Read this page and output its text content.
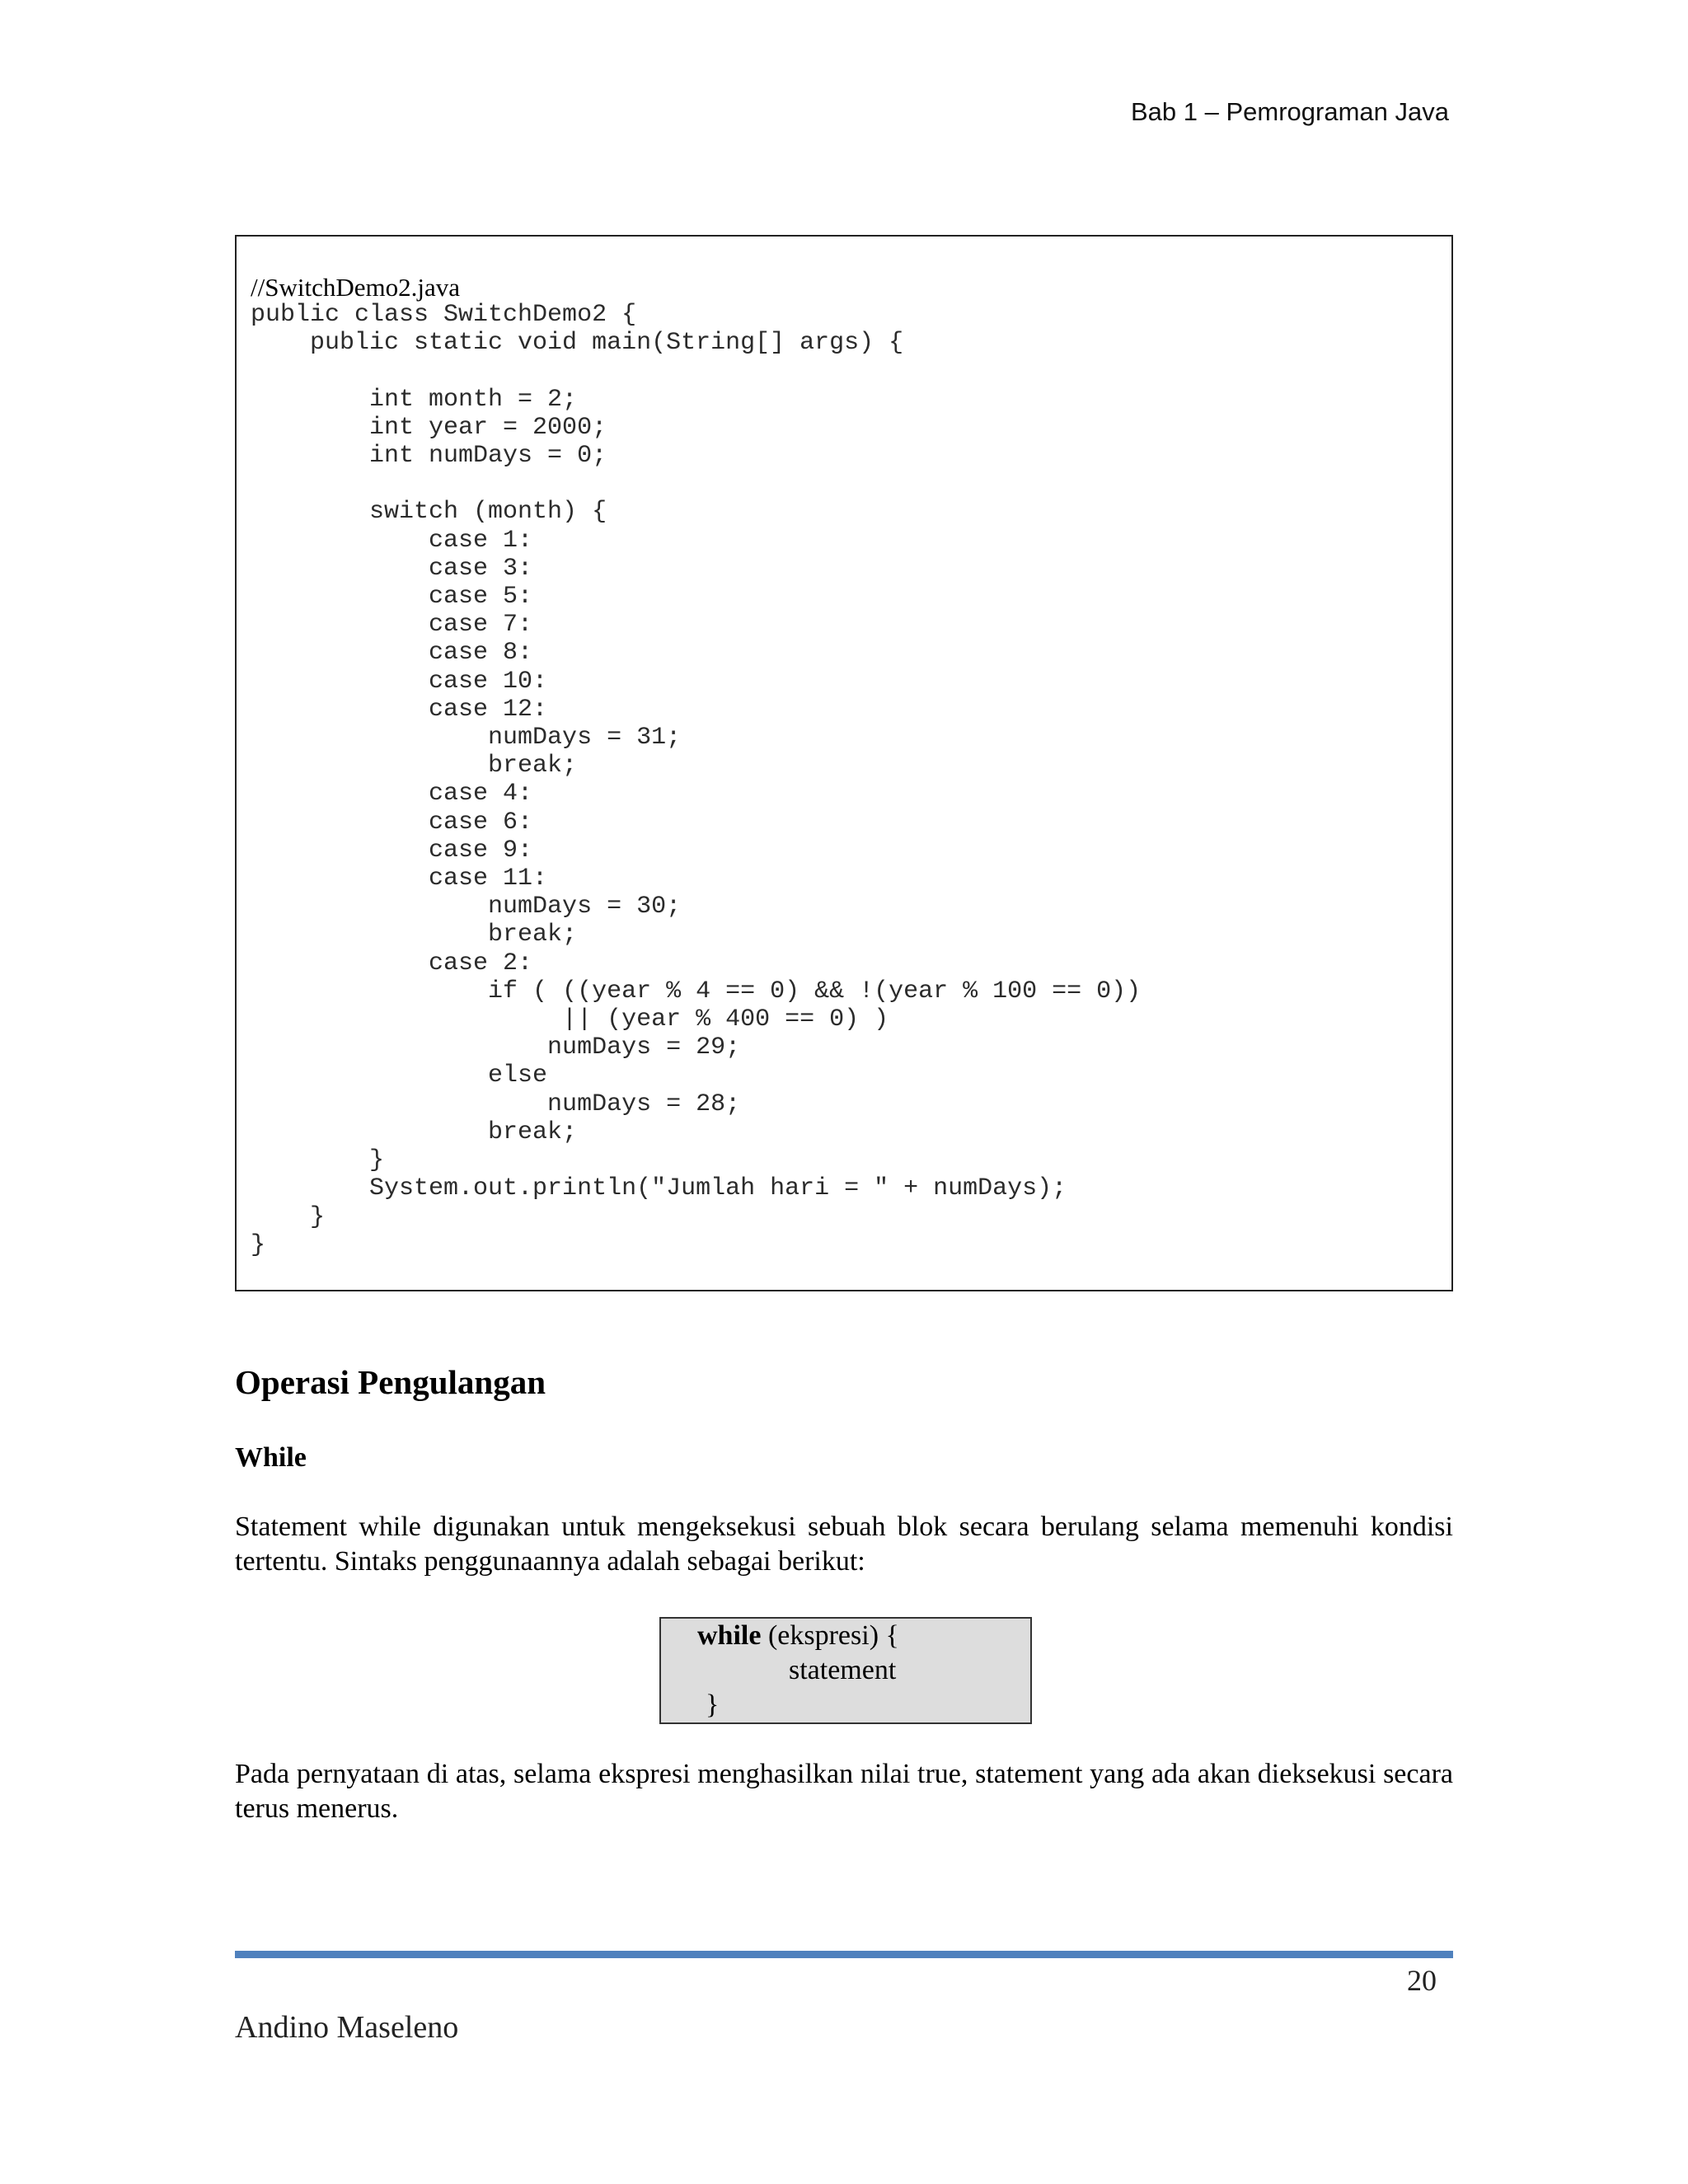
Bab 1 – Pemrograman Java
//SwitchDemo2.java
public class SwitchDemo2 {
public static void main(String[] args) {

int month = 2;
int year = 2000;
int numDays = 0;

switch (month) {
case 1:
case 3:
case 5:
case 7:
case 8:
case 10:
case 12:
numDays = 31;
break;
case 4:
case 6:
case 9:
case 11:
numDays = 30;
break;
case 2:
if ( ((year % 4 == 0) && !(year % 100 == 0))
|| (year % 400 == 0) )
numDays = 29;
else
numDays = 28;
break;
}
System.out.println("Jumlah hari = " + numDays);
}
}
Operasi Pengulangan
While

Statement while digunakan untuk mengeksekusi sebuah blok secara berulang selama memenuhi kondisi tertentu. Sintaks penggunaannya adalah sebagai berikut:

while (ekspresi) {
statement
}

Pada pernyataan di atas, selama ekspresi menghasilkan nilai true, statement yang ada akan dieksekusi secara terus menerus.

20
Andino Maseleno
